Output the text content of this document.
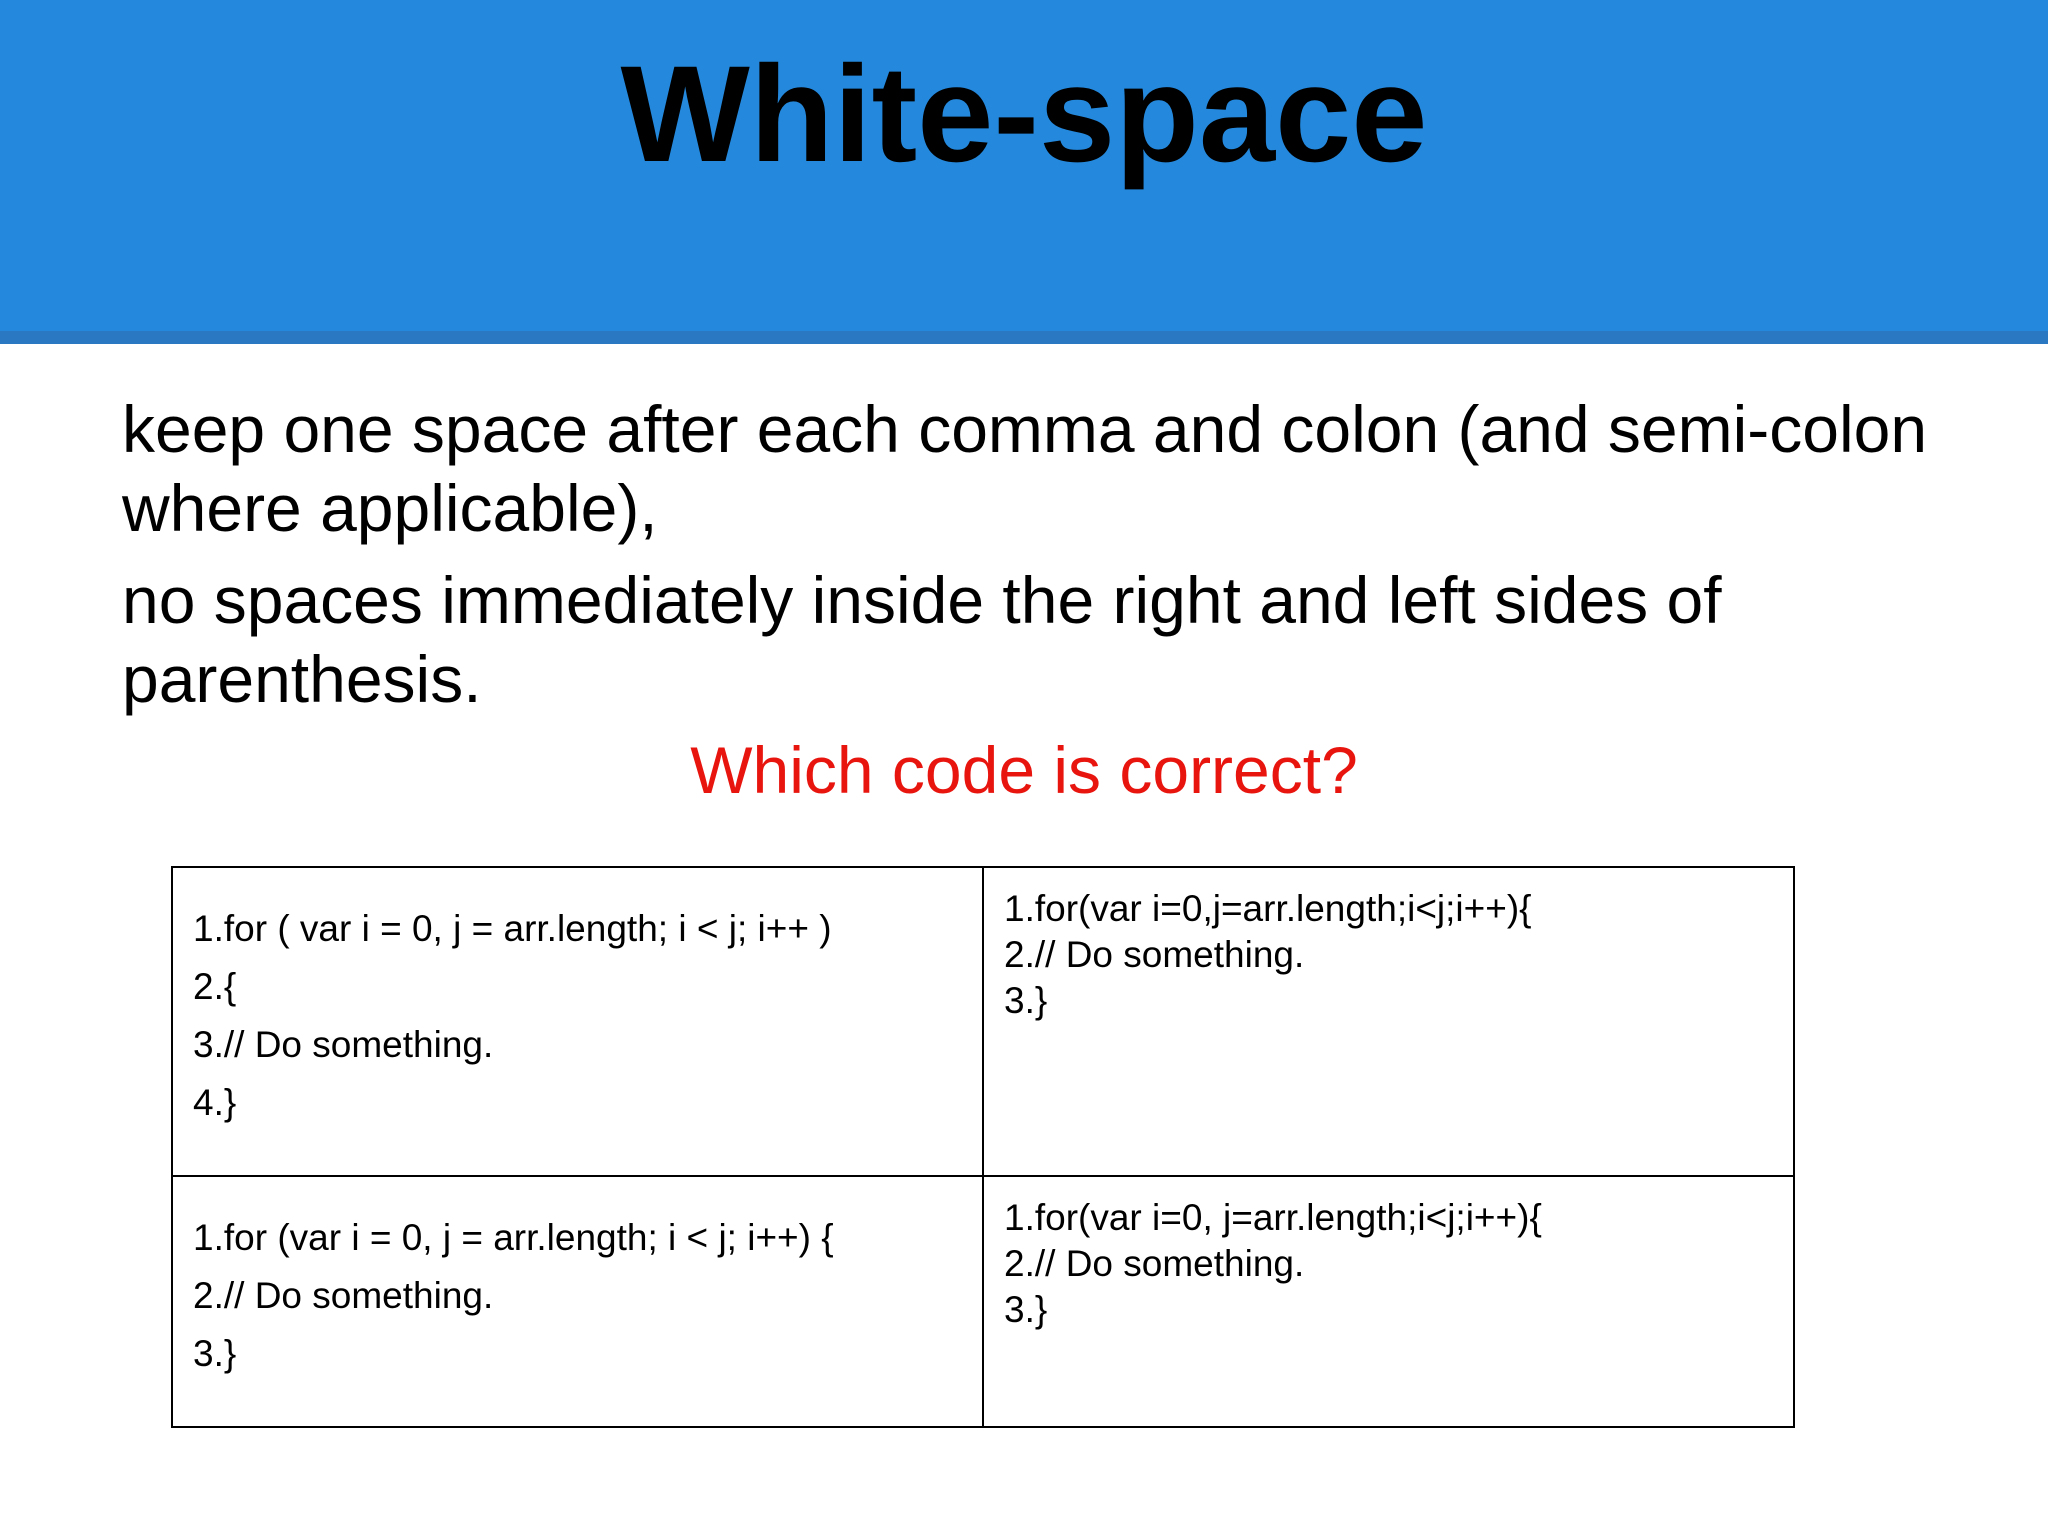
White-space
keep one space after each comma and colon (and semi-colon where applicable),
no spaces immediately inside the right and left sides of parenthesis.
Which code is correct?
1.for ( var i = 0, j = arr.length; i < j; i++ )
2.{
3.// Do something.
4.}	1.for(var i=0,j=arr.length;i<j;i++){
2.// Do something.
3.}

1.for (var i = 0, j = arr.length; i < j; i++) {
2.// Do something.
3.}	1.for(var i=0, j=arr.length;i<j;i++){
2.// Do something.
3.}
